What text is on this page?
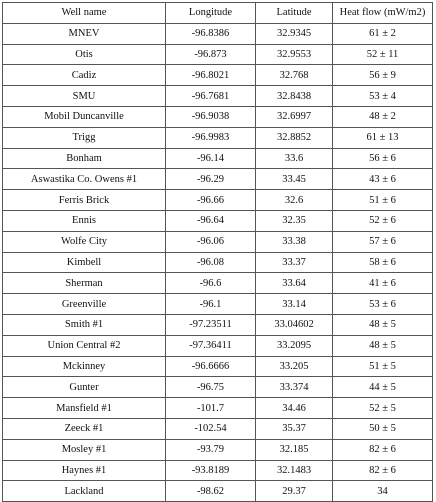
Well name	Longitude	Latitude	Heat flow (mW/m2)
MNEV	-96.8386	32.9345	61 ± 2
Otis	-96.873	32.9553	52 ± 11
Cadiz	-96.8021	32.768	56 ± 9
SMU	-96.7681	32.8438	53 ± 4
Mobil Duncanville	-96.9038	32.6997	48 ± 2
Trigg	-96.9983	32.8852	61 ± 13
Bonham	-96.14	33.6	56 ± 6
Aswastika Co. Owens #1	-96.29	33.45	43 ± 6
Ferris Brick	-96.66	32.6	51 ± 6
Ennis	-96.64	32.35	52 ± 6
Wolfe City	-96.06	33.38	57 ± 6
Kimbell	-96.08	33.37	58 ± 6
Sherman	-96.6	33.64	41 ± 6
Greenville	-96.1	33.14	53 ± 6
Smith #1	-97.23511	33.04602	48 ± 5
Union Central #2	-97.36411	33.2095	48 ± 5
Mckinney	-96.6666	33.205	51 ± 5
Gunter	-96.75	33.374	44 ± 5
Mansfield #1	-101.7	34.46	52 ± 5
Zeeck #1	-102.54	35.37	50 ± 5
Mosley #1	-93.79	32.185	82 ± 6
Haynes #1	-93.8189	32.1483	82 ± 6
Lackland	-98.62	29.37	34
